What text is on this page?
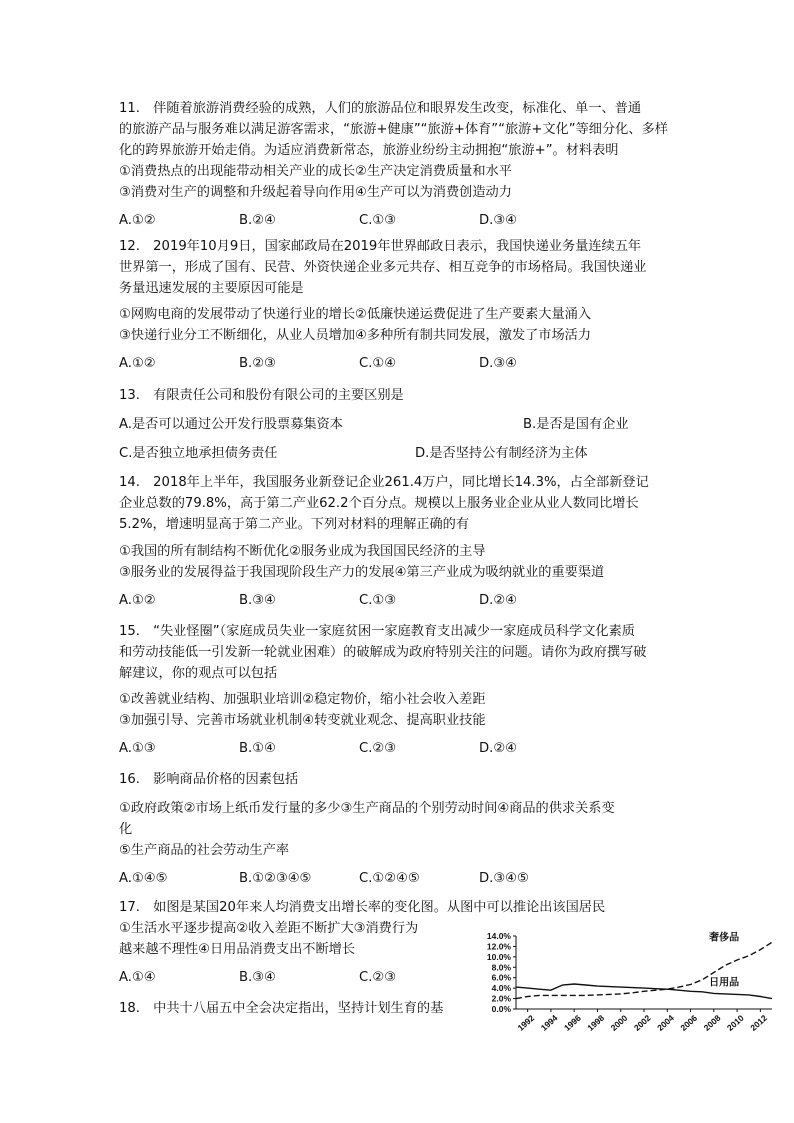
11.　伴随着旅游消费经验的成熟，人们的旅游品位和眼界发生改变，标准化、单一、普通
的旅游产品与服务难以满足游客需求，“旅游+健康”“旅游+体育”“旅游+文化”等细分化、多样
化的跨界旅游开始走俏。为适应消费新常态，旅游业纷纷主动拥抱“旅游+”。材料表明
①消费热点的出现能带动相关产业的成长②生产决定消费质量和水平
③消费对生产的调整和升级起着导向作用④生产可以为消费创造动力
A.①②	B.②④	C.①③	D.③④
12.　2019年10月9日，国家邮政局在2019年世界邮政日表示，我国快递业务量连续五年
世界第一，形成了国有、民营、外资快递企业多元共存、相互竞争的市场格局。我国快递业
务量迅速发展的主要原因可能是
①网购电商的发展带动了快递行业的增长②低廉快递运费促进了生产要素大量涌入
③快递行业分工不断细化，从业人员增加④多种所有制共同发展，激发了市场活力
A.①②	B.②③	C.①④	D.③④
13.　有限责任公司和股份有限公司的主要区别是
A.是否可以通过公开发行股票募集资本	B.是否是国有企业
C.是否独立地承担债务责任	D.是否坚持公有制经济为主体
14.　2018年上半年，我国服务业新登记企业261.4万户，同比增长14.3%，占全部新登记
企业总数的79.8%，高于第二产业62.2个百分点。规模以上服务业企业从业人数同比增长
5.2%，增速明显高于第二产业。下列对材料的理解正确的有
①我国的所有制结构不断优化②服务业成为我国国民经济的主导
③服务业的发展得益于我国现阶段生产力的发展④第三产业成为吸纳就业的重要渠道
A.①②	B.③④	C.①③	D.②④
15.　“失业怪圈”（家庭成员失业一家庭贫困一家庭教育支出减少一家庭成员科学文化素质
和劳动技能低一引发新一轮就业困难）的破解成为政府特别关注的问题。请你为政府撰写破
解建议，你的观点可以包括
①改善就业结构、加强职业培训②稳定物价，缩小社会收入差距
③加强引导、完善市场就业机制④转变就业观念、提高职业技能
A.①③	B.①④	C.②③	D.②④
16.　影响商品价格的因素包括
①政府政策②市场上纸币发行量的多少③生产商品的个别劳动时间④商品的供求关系变
化
⑤生产商品的社会劳动生产率
A.①④⑤	B.①②③④⑤	C.①②④⑤	D.③④⑤
17.　如图是某国20年来人均消费支出增长率的变化图。从图中可以推论出该国居民
①生活水平逐步提高②收入差距不断扩大③消费行为
越来越不理性④日用品消费支出不断增长
A.①④	B.③④	C.②③
18.　中共十八届五中全会决定指出，坚持计划生育的基	0.0%
2.0%
4.0%
6.0%
8.0%
10.0%
12.0%
14.0%
1992 1994 1996 1998 2000 2002 2004 2006 2008 2010 2012
奢侈品
日用品
